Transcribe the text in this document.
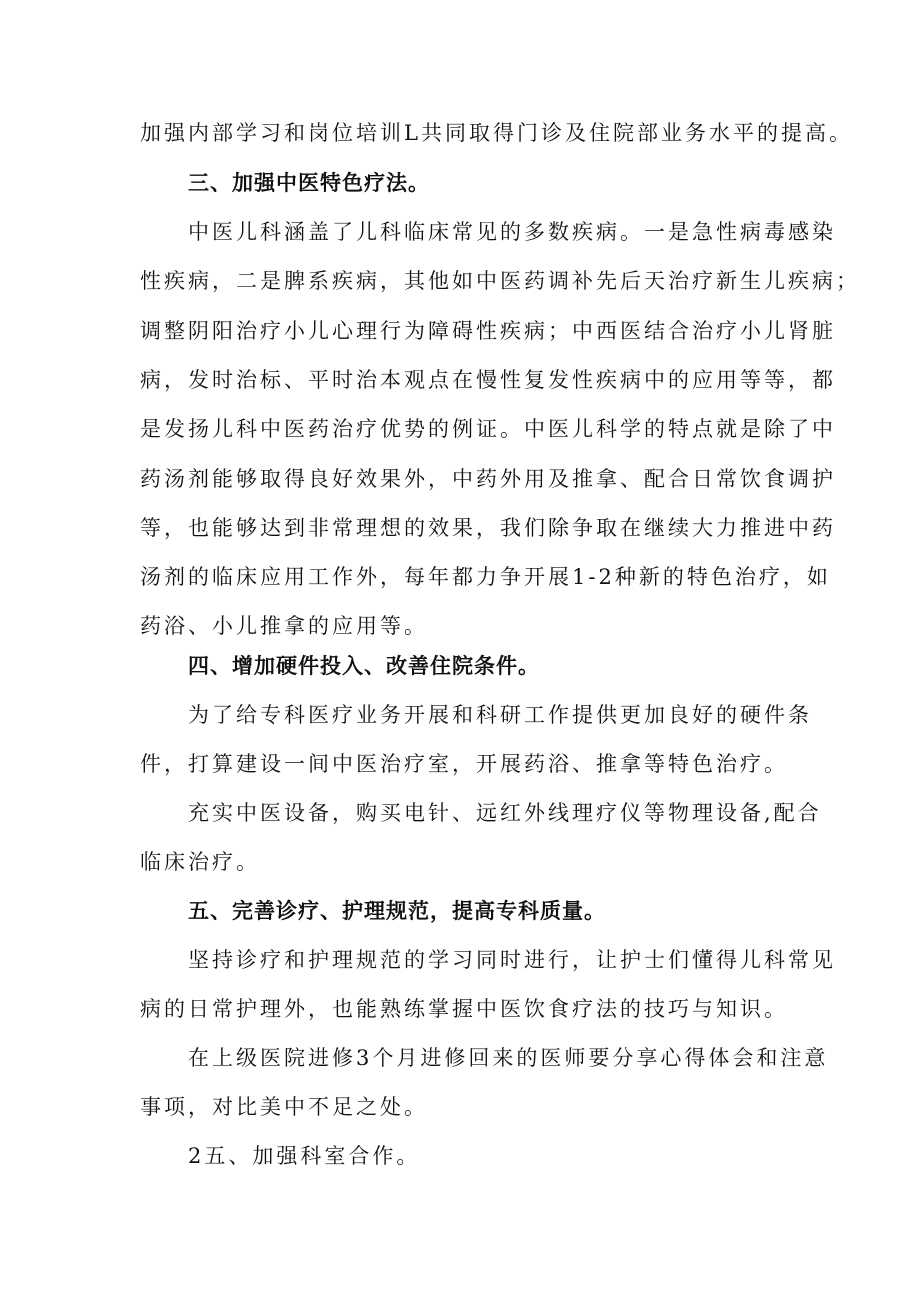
加强内部学习和岗位培训L共同取得门诊及住院部业务水平的提高。
三、加强中医特色疗法。
中医儿科涵盖了儿科临床常见的多数疾病。一是急性病毒感染
性疾病，二是脾系疾病，其他如中医药调补先后天治疗新生儿疾病；
调整阴阳治疗小儿心理行为障碍性疾病；中西医结合治疗小儿肾脏
病，发时治标、平时治本观点在慢性复发性疾病中的应用等等，都
是发扬儿科中医药治疗优势的例证。中医儿科学的特点就是除了中
药汤剂能够取得良好效果外，中药外用及推拿、配合日常饮食调护
等，也能够达到非常理想的效果，我们除争取在继续大力推进中药
汤剂的临床应用工作外，每年都力争开展1-2种新的特色治疗，如
药浴、小儿推拿的应用等。
四、增加硬件投入、改善住院条件。
为了给专科医疗业务开展和科研工作提供更加良好的硬件条
件，打算建设一间中医治疗室，开展药浴、推拿等特色治疗。
充实中医设备，购买电针、远红外线理疗仪等物理设备,配合
临床治疗。
五、完善诊疗、护理规范，提高专科质量。
坚持诊疗和护理规范的学习同时进行，让护士们懂得儿科常见
病的日常护理外，也能熟练掌握中医饮食疗法的技巧与知识。
在上级医院进修3个月进修回来的医师要分享心得体会和注意
事项，对比美中不足之处。
2五、加强科室合作。
